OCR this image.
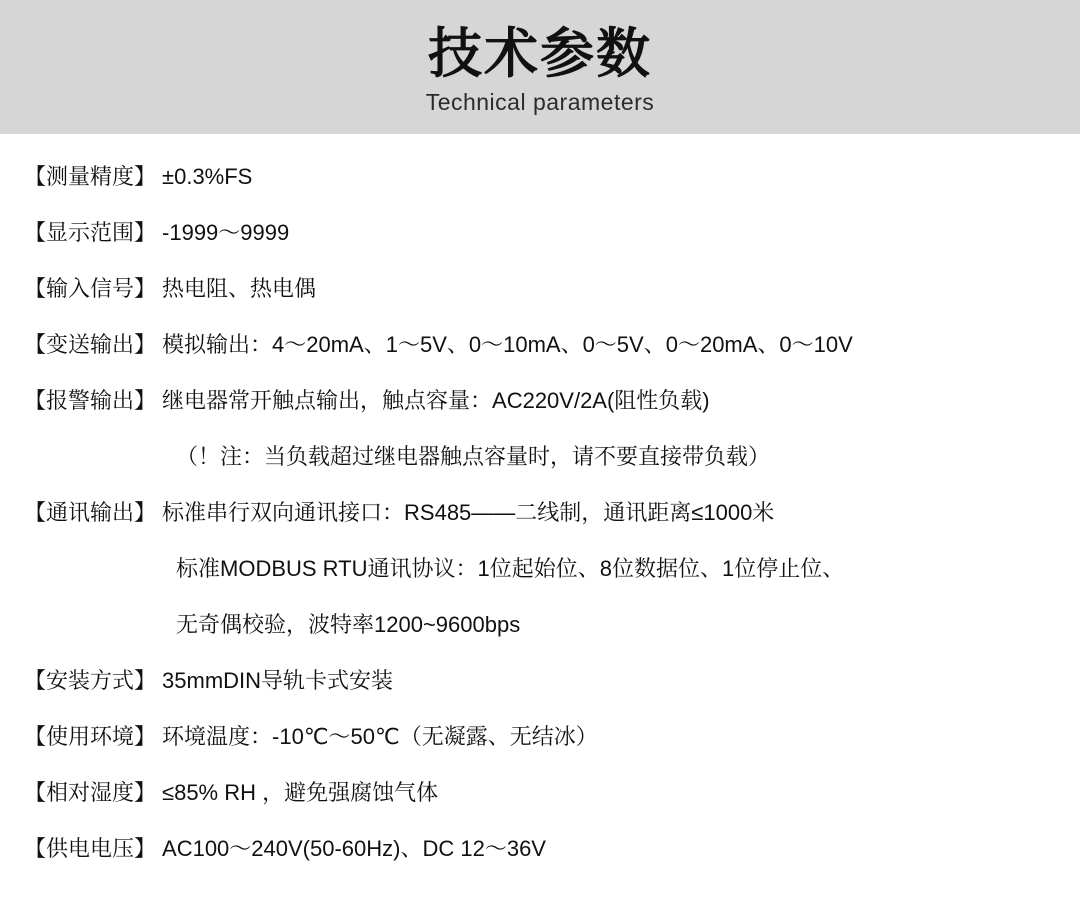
技术参数
Technical parameters
【测量精度】 ±0.3%FS
【显示范围】 -1999～9999
【输入信号】 热电阻、热电偶
【变送输出】 模拟输出：4～20mA、1～5V、0～10mA、0～5V、0～20mA、0～10V
【报警输出】 继电器常开触点输出，触点容量：AC220V/2A(阻性负载)
（！注：当负载超过继电器触点容量时，请不要直接带负载）
【通讯输出】 标准串行双向通讯接口：RS485——二线制，通讯距离≤1000米
标准MODBUS RTU通讯协议：1位起始位、8位数据位、1位停止位、
无奇偶校验，波特率1200~9600bps
【安装方式】 35mmDIN导轨卡式安装
【使用环境】 环境温度：-10℃～50℃（无凝露、无结冰）
【相对湿度】 ≤85% RH ，避免强腐蚀气体
【供电电压】 AC100～240V(50-60Hz)、DC 12～36V
